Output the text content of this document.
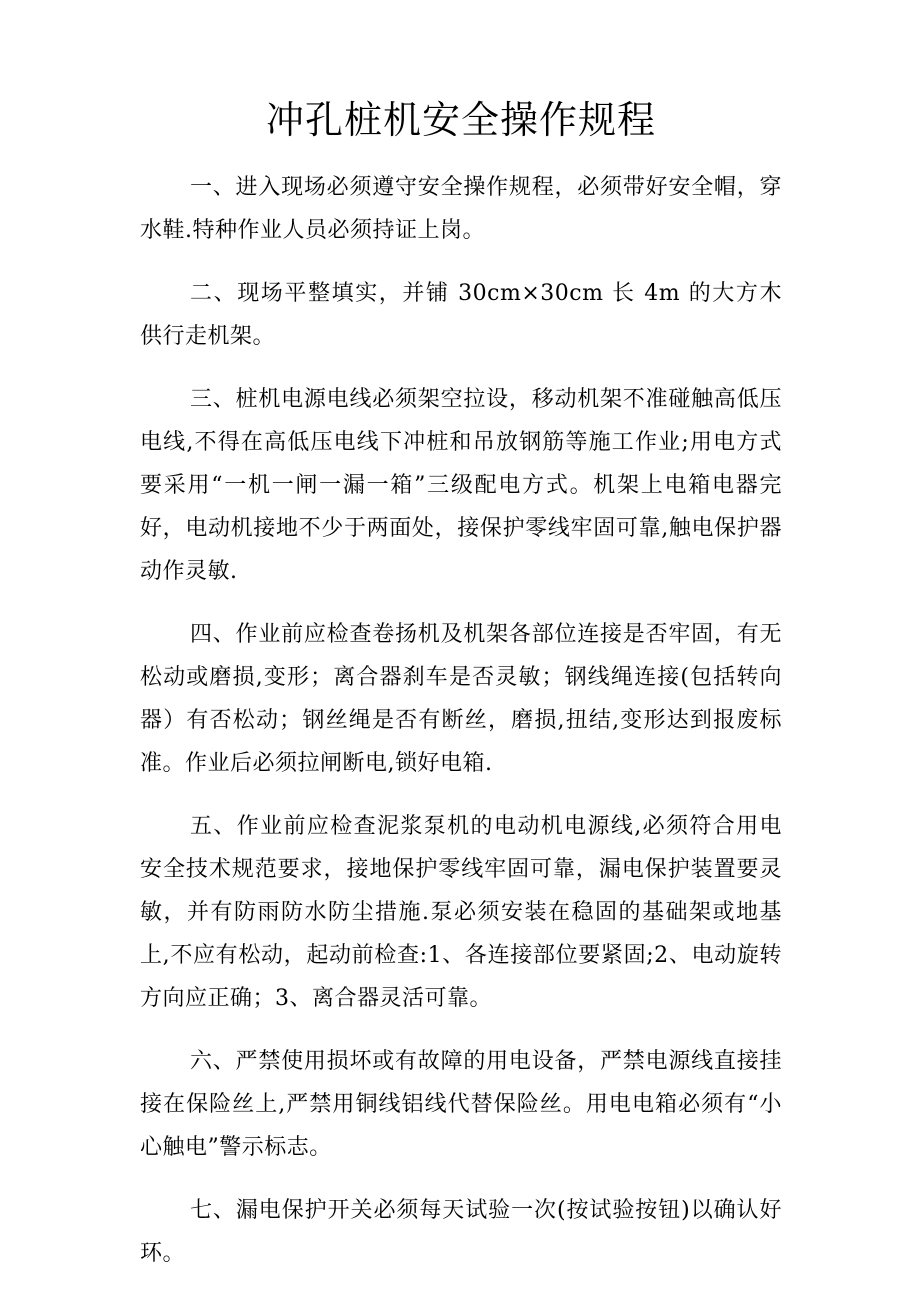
冲孔桩机安全操作规程

一、进入现场必须遵守安全操作规程，必须带好安全帽，穿水鞋.特种作业人员必须持证上岗。

二、现场平整填实，并铺 30cm×30cm 长 4m 的大方木供行走机架。

三、桩机电源电线必须架空拉设，移动机架不准碰触高低压电线,不得在高低压电线下冲桩和吊放钢筋等施工作业;用电方式要采用“一机一闸一漏一箱”三级配电方式。机架上电箱电器完好，电动机接地不少于两面处，接保护零线牢固可靠,触电保护器动作灵敏.

四、作业前应检查卷扬机及机架各部位连接是否牢固，有无松动或磨损,变形；离合器刹车是否灵敏；钢线绳连接(包括转向器）有否松动；钢丝绳是否有断丝，磨损,扭结,变形达到报废标准。作业后必须拉闸断电,锁好电箱.

五、作业前应检查泥浆泵机的电动机电源线,必须符合用电安全技术规范要求，接地保护零线牢固可靠，漏电保护装置要灵敏，并有防雨防水防尘措施.泵必须安装在稳固的基础架或地基上,不应有松动，起动前检查:1、各连接部位要紧固;2、电动旋转方向应正确；3、离合器灵活可靠。

六、严禁使用损坏或有故障的用电设备，严禁电源线直接挂接在保险丝上,严禁用铜线铝线代替保险丝。用电电箱必须有“小心触电”警示标志。

七、漏电保护开关必须每天试验一次(按试验按钮)以确认好环。
